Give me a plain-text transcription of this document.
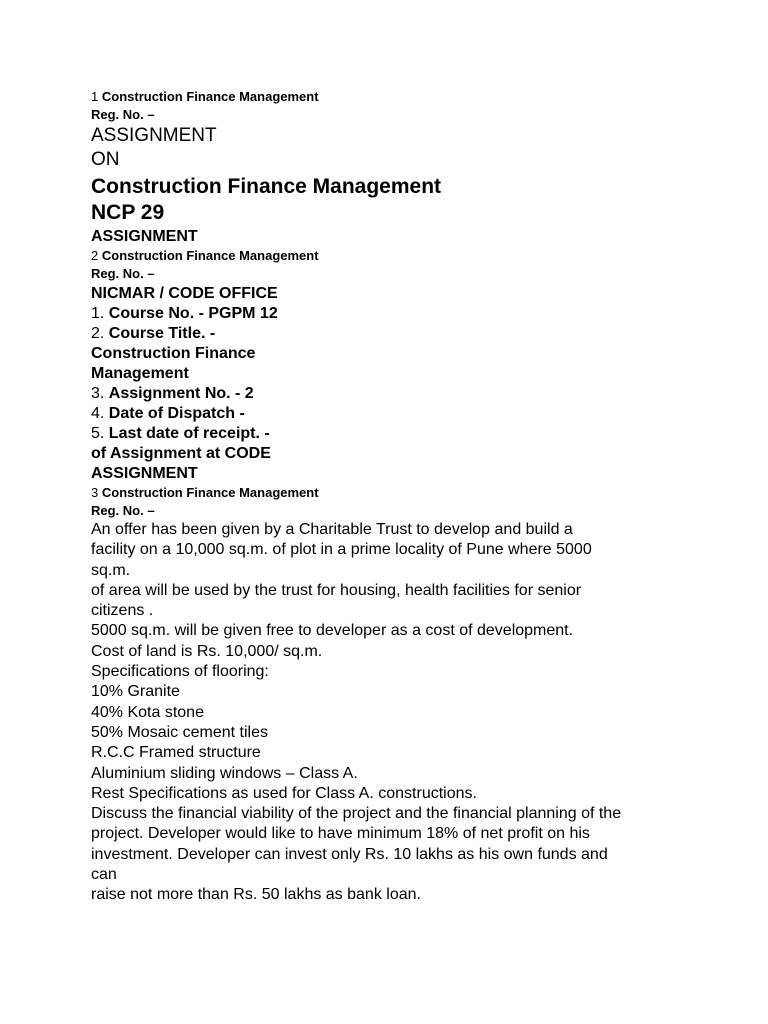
1 Construction Finance Management
Reg. No. –
ASSIGNMENT
ON
Construction Finance Management
NCP 29
ASSIGNMENT
2 Construction Finance Management
Reg. No. –
NICMAR / CODE OFFICE
1. Course No. - PGPM 12
2. Course Title. -
Construction Finance
Management
3. Assignment No. - 2
4. Date of Dispatch -
5. Last date of receipt. -
of Assignment at CODE
ASSIGNMENT
3 Construction Finance Management
Reg. No. –
An offer has been given by a Charitable Trust to develop and build a
facility on a 10,000 sq.m. of plot in a prime locality of Pune where 5000
sq.m.
of area will be used by the trust for housing, health facilities for senior
citizens .
5000 sq.m. will be given free to developer as a cost of development.
Cost of land is Rs. 10,000/ sq.m.
Specifications of flooring:
10% Granite
40% Kota stone
50% Mosaic cement tiles
R.C.C Framed structure
Aluminium sliding windows – Class A.
Rest Specifications as used for Class A. constructions.
Discuss the financial viability of the project and the financial planning of the
project. Developer would like to have minimum 18% of net profit on his
investment. Developer can invest only Rs. 10 lakhs as his own funds and
can
raise not more than Rs. 50 lakhs as bank loan.
